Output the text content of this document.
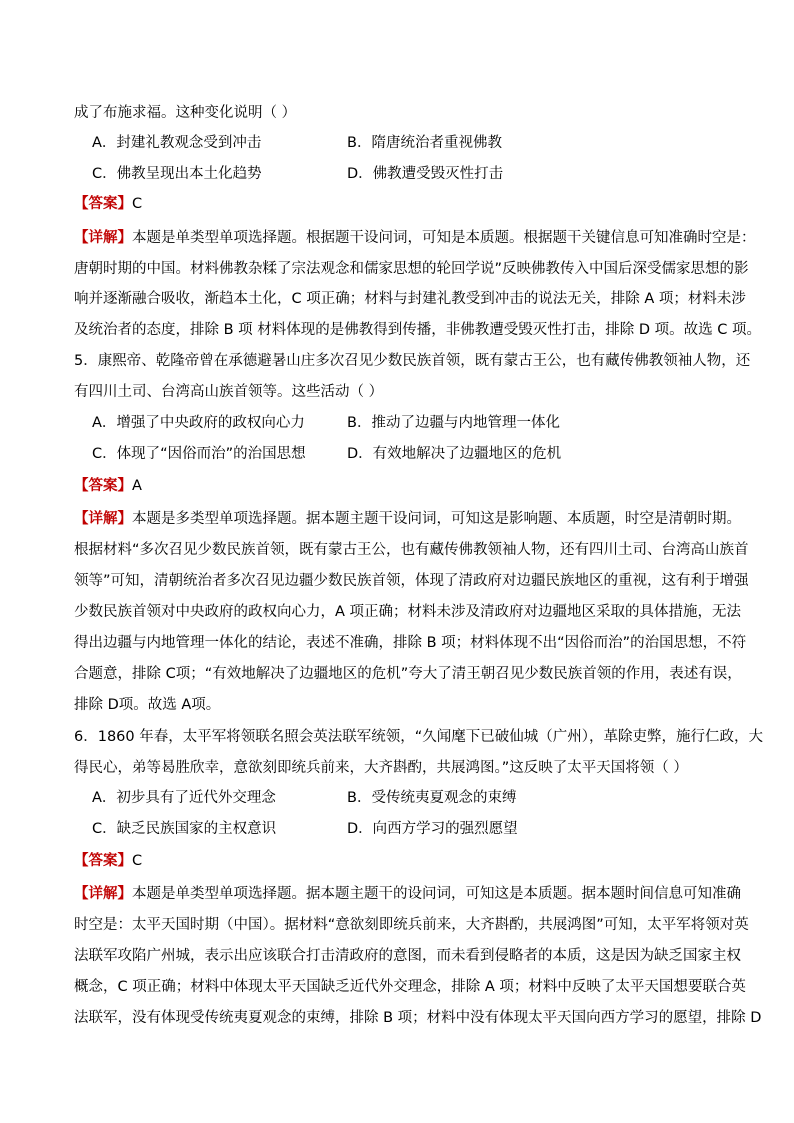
成了布施求福。这种变化说明（ ）
A．封建礼教观念受到冲击	B．隋唐统治者重视佛教
C．佛教呈现出本土化趋势	D．佛教遭受毁灭性打击
【答案】C
【详解】本题是单类型单项选择题。根据题干设问词，可知是本质题。根据题干关键信息可知准确时空是：
唐朝时期的中国。材料佛教杂糅了宗法观念和儒家思想的轮回学说”反映佛教传入中国后深受儒家思想的影
响并逐渐融合吸收，渐趋本土化，C 项正确；材料与封建礼教受到冲击的说法无关，排除 A 项；材料未涉
及统治者的态度，排除 B 项 材料体现的是佛教得到传播，非佛教遭受毁灭性打击，排除 D 项。故选 C 项。
5．康熙帝、乾隆帝曾在承德避暑山庄多次召见少数民族首领，既有蒙古王公，也有藏传佛教领袖人物，还
有四川土司、台湾高山族首领等。这些活动（ ）
A．增强了中央政府的政权向心力	B．推动了边疆与内地管理一体化
C．体现了“因俗而治”的治国思想	D．有效地解决了边疆地区的危机
【答案】A
【详解】本题是多类型单项选择题。据本题主题干设问词，可知这是影响题、本质题，时空是清朝时期。
根据材料“多次召见少数民族首领，既有蒙古王公，也有藏传佛教领袖人物，还有四川土司、台湾高山族首
领等”可知，清朝统治者多次召见边疆少数民族首领，体现了清政府对边疆民族地区的重视，这有利于增强
少数民族首领对中央政府的政权向心力，A 项正确；材料未涉及清政府对边疆地区采取的具体措施，无法
得出边疆与内地管理一体化的结论，表述不准确，排除 B 项；材料体现不出“因俗而治”的治国思想，不符
合题意，排除 C项；“有效地解决了边疆地区的危机”夸大了清王朝召见少数民族首领的作用，表述有误，
排除 D项。故选 A项。
6．1860 年春，太平军将领联名照会英法联军统领，“久闻麾下已破仙城（广州），革除吏弊，施行仁政，大
得民心，弟等曷胜欣幸，意欲刻即统兵前来，大齐斟酌，共展鸿图。”这反映了太平天国将领（ ）
A．初步具有了近代外交理念	B．受传统夷夏观念的束缚
C．缺乏民族国家的主权意识	D．向西方学习的强烈愿望
【答案】C
【详解】本题是单类型单项选择题。据本题主题干的设问词，可知这是本质题。据本题时间信息可知准确
时空是：太平天国时期（中国）。据材料“意欲刻即统兵前来，大齐斟酌，共展鸿图”可知，太平军将领对英
法联军攻陷广州城，表示出应该联合打击清政府的意图，而未看到侵略者的本质，这是因为缺乏国家主权
概念，C 项正确；材料中体现太平天国缺乏近代外交理念，排除 A 项；材料中反映了太平天国想要联合英
法联军，没有体现受传统夷夏观念的束缚，排除 B 项；材料中没有体现太平天国向西方学习的愿望，排除 D
